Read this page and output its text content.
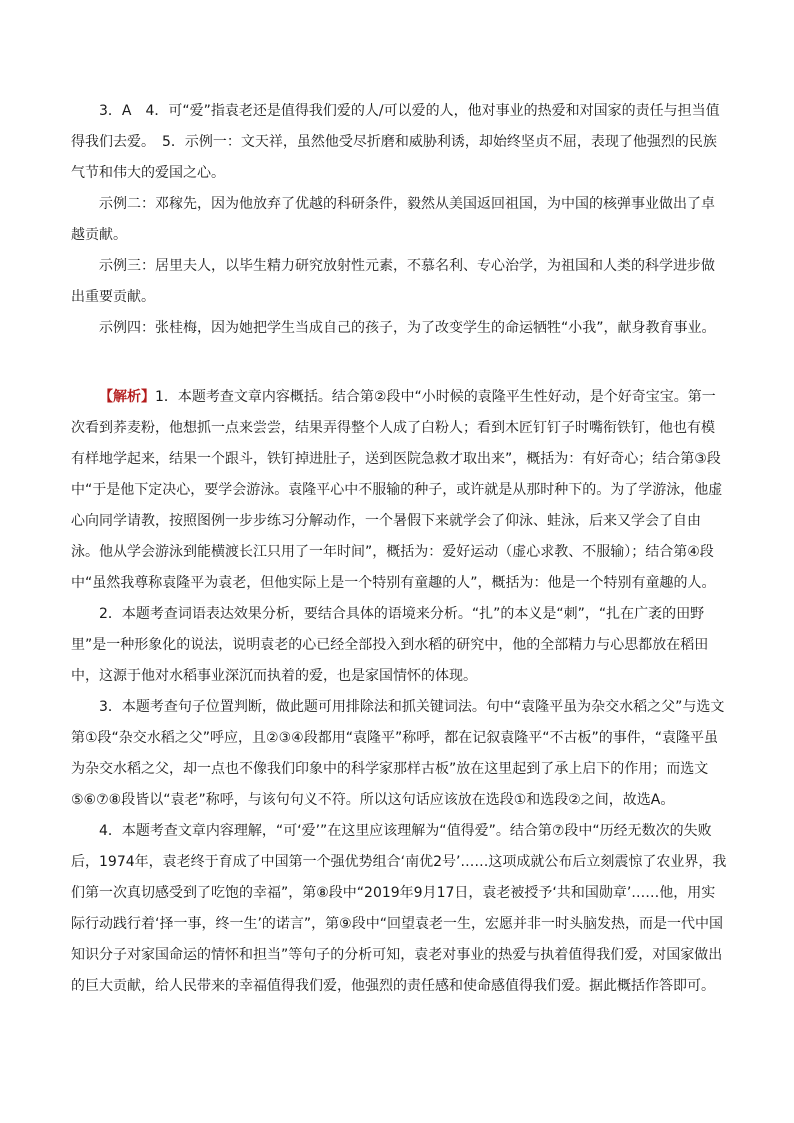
3．A　4．可“爱”指袁老还是值得我们爱的人/可以爱的人，他对事业的热爱和对国家的责任与担当值得我们去爱。　5．示例一：文天祥，虽然他受尽折磨和威胁利诱，却始终坚贞不屈，表现了他强烈的民族气节和伟大的爱国之心。

示例二：邓稼先，因为他放弃了优越的科研条件，毅然从美国返回祖国，为中国的核弹事业做出了卓越贡献。

示例三：居里夫人，以毕生精力研究放射性元素，不慕名利、专心治学，为祖国和人类的科学进步做出重要贡献。

示例四：张桂梅，因为她把学生当成自己的孩子，为了改变学生的命运牺牲“小我”，献身教育事业。

【解析】1．本题考查文章内容概括。结合第②段中“小时候的袁隆平生性好动，是个好奇宝宝。第一次看到荞麦粉，他想抓一点来尝尝，结果弄得整个人成了白粉人；看到木匠钉钉子时嘴衔铁钉，他也有模有样地学起来，结果一个跟斗，铁钉掉进肚子，送到医院急救才取出来”，概括为：有好奇心；结合第③段中“于是他下定决心，要学会游泳。袁隆平心中不服输的种子，或许就是从那时种下的。为了学游泳，他虚心向同学请教，按照图例一步步练习分解动作，一个暑假下来就学会了仰泳、蛙泳，后来又学会了自由泳。他从学会游泳到能横渡长江只用了一年时间”，概括为：爱好运动（虚心求教、不服输）；结合第④段中“虽然我尊称袁隆平为袁老，但他实际上是一个特别有童趣的人”，概括为：他是一个特别有童趣的人。

2．本题考查词语表达效果分析，要结合具体的语境来分析。“扎”的本义是“刺”，“扎在广袤的田野里”是一种形象化的说法，说明袁老的心已经全部投入到水稻的研究中，他的全部精力与心思都放在稻田中，这源于他对水稻事业深沉而执着的爱，也是家国情怀的体现。

3．本题考查句子位置判断，做此题可用排除法和抓关键词法。句中“袁隆平虽为杂交水稻之父”与选文第①段“杂交水稻之父”呼应，且②③④段都用“袁隆平”称呼，都在记叙袁隆平“不古板”的事件，“袁隆平虽为杂交水稻之父，却一点也不像我们印象中的科学家那样古板”放在这里起到了承上启下的作用；而选文⑤⑥⑦⑧段皆以“袁老”称呼，与该句句义不符。所以这句话应该放在选段①和选段②之间，故选A。

4．本题考查文章内容理解，“可‘爱’”在这里应该理解为“值得爱”。结合第⑦段中“历经无数次的失败后，1974年，袁老终于育成了中国第一个强优势组合‘南优2号’……这项成就公布后立刻震惊了农业界，我们第一次真切感受到了吃饱的幸福”，第⑧段中“2019年9月17日，袁老被授予‘共和国勋章’……他，用实际行动践行着‘择一事，终一生’的诺言”，第⑨段中“回望袁老一生，宏愿并非一时头脑发热，而是一代中国知识分子对家国命运的情怀和担当”等句子的分析可知，袁老对事业的热爱与执着值得我们爱，对国家做出的巨大贡献，给人民带来的幸福值得我们爱，他强烈的责任感和使命感值得我们爱。据此概括作答即可。
